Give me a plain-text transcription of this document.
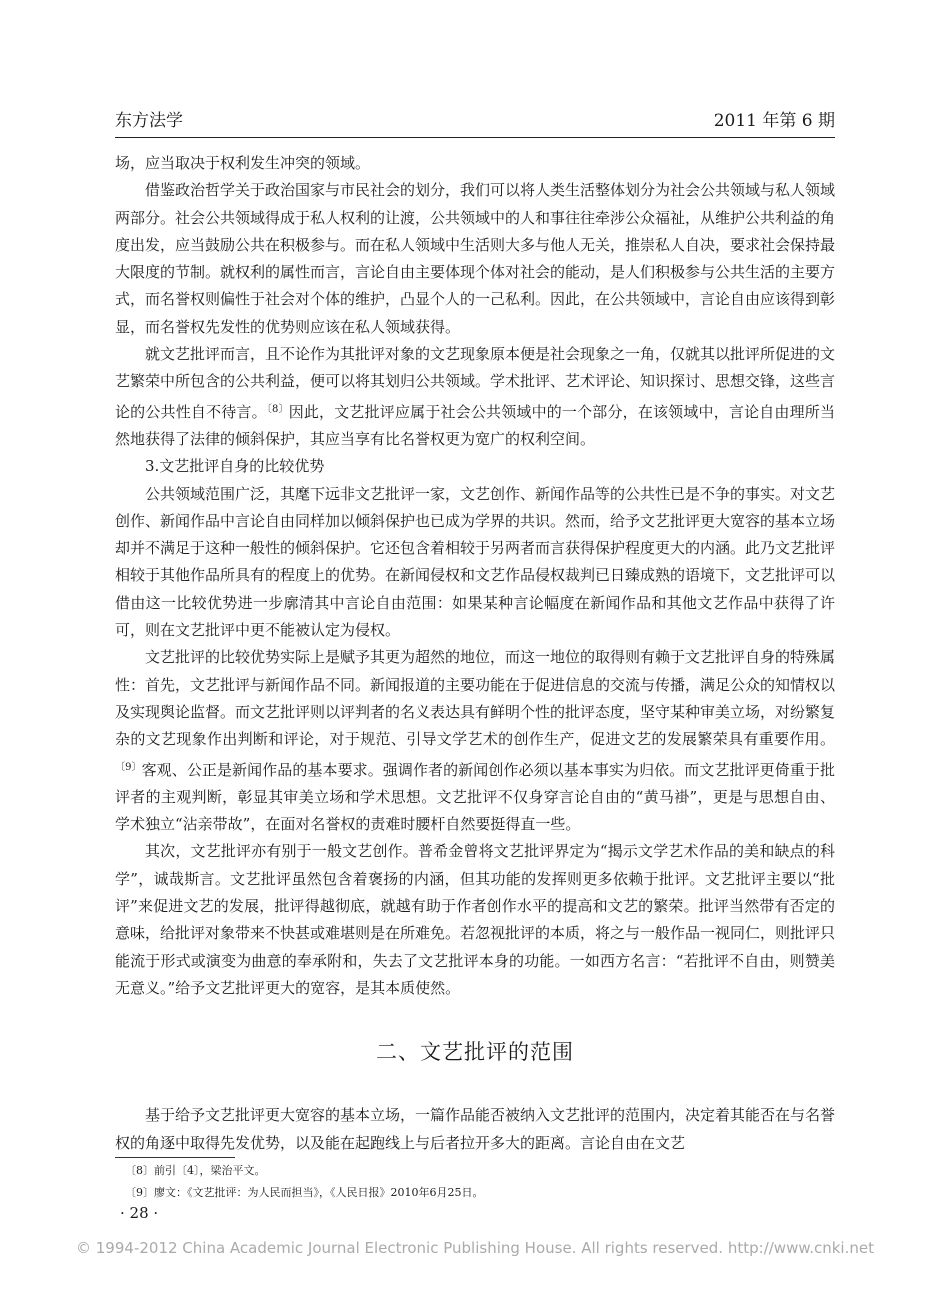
东方法学	2011 年第 6 期

场，应当取决于权利发生冲突的领域。

借鉴政治哲学关于政治国家与市民社会的划分，我们可以将人类生活整体划分为社会公共领域与私人领域两部分。社会公共领域得成于私人权利的让渡，公共领域中的人和事往往牵涉公众福祉，从维护公共利益的角度出发，应当鼓励公共在积极参与。而在私人领域中生活则大多与他人无关，推崇私人自决，要求社会保持最大限度的节制。就权利的属性而言，言论自由主要体现个体对社会的能动，是人们积极参与公共生活的主要方式，而名誉权则偏性于社会对个体的维护，凸显个人的一己私利。因此，在公共领域中，言论自由应该得到彰显，而名誉权先发性的优势则应该在私人领域获得。

就文艺批评而言，且不论作为其批评对象的文艺现象原本便是社会现象之一角，仅就其以批评所促进的文艺繁荣中所包含的公共利益，便可以将其划归公共领域。学术批评、艺术评论、知识探讨、思想交锋，这些言论的公共性自不待言。$^{〔8〕}$因此，文艺批评应属于社会公共领域中的一个部分，在该领域中，言论自由理所当然地获得了法律的倾斜保护，其应当享有比名誉权更为宽广的权利空间。

3.文艺批评自身的比较优势

公共领域范围广泛，其麾下远非文艺批评一家，文艺创作、新闻作品等的公共性已是不争的事实。对文艺创作、新闻作品中言论自由同样加以倾斜保护也已成为学界的共识。然而，给予文艺批评更大宽容的基本立场却并不满足于这种一般性的倾斜保护。它还包含着相较于另两者而言获得保护程度更大的内涵。此乃文艺批评相较于其他作品所具有的程度上的优势。在新闻侵权和文艺作品侵权裁判已日臻成熟的语境下，文艺批评可以借由这一比较优势进一步廓清其中言论自由范围：如果某种言论幅度在新闻作品和其他文艺作品中获得了许可，则在文艺批评中更不能被认定为侵权。

文艺批评的比较优势实际上是赋予其更为超然的地位，而这一地位的取得则有赖于文艺批评自身的特殊属性：首先，文艺批评与新闻作品不同。新闻报道的主要功能在于促进信息的交流与传播，满足公众的知情权以及实现舆论监督。而文艺批评则以评判者的名义表达具有鲜明个性的批评态度，坚守某种审美立场，对纷繁复杂的文艺现象作出判断和评论，对于规范、引导文学艺术的创作生产，促进文艺的发展繁荣具有重要作用。$^{〔9〕}$客观、公正是新闻作品的基本要求。强调作者的新闻创作必须以基本事实为归依。而文艺批评更倚重于批评者的主观判断，彰显其审美立场和学术思想。文艺批评不仅身穿言论自由的“黄马褂”，更是与思想自由、学术独立“沾亲带故”，在面对名誉权的责难时腰杆自然要挺得直一些。

其次，文艺批评亦有别于一般文艺创作。普希金曾将文艺批评界定为“揭示文学艺术作品的美和缺点的科学”，诚哉斯言。文艺批评虽然包含着褒扬的内涵，但其功能的发挥则更多依赖于批评。文艺批评主要以“批评”来促进文艺的发展，批评得越彻底，就越有助于作者创作水平的提高和文艺的繁荣。批评当然带有否定的意味，给批评对象带来不快甚或难堪则是在所难免。若忽视批评的本质，将之与一般作品一视同仁，则批评只能流于形式或演变为曲意的奉承附和，失去了文艺批评本身的功能。一如西方名言：“若批评不自由，则赞美无意义。”给予文艺批评更大的宽容，是其本质使然。

二、文艺批评的范围

基于给予文艺批评更大宽容的基本立场，一篇作品能否被纳入文艺批评的范围内，决定着其能否在与名誉权的角逐中取得先发优势，以及能在起跑线上与后者拉开多大的距离。言论自由在文艺

〔8〕前引〔4〕，梁治平文。
〔9〕廖文：《文艺批评：为人民而担当》，《人民日报》2010年6月25日。
· 28 ·
© 1994-2012 China Academic Journal Electronic Publishing House. All rights reserved. http://www.cnki.net
